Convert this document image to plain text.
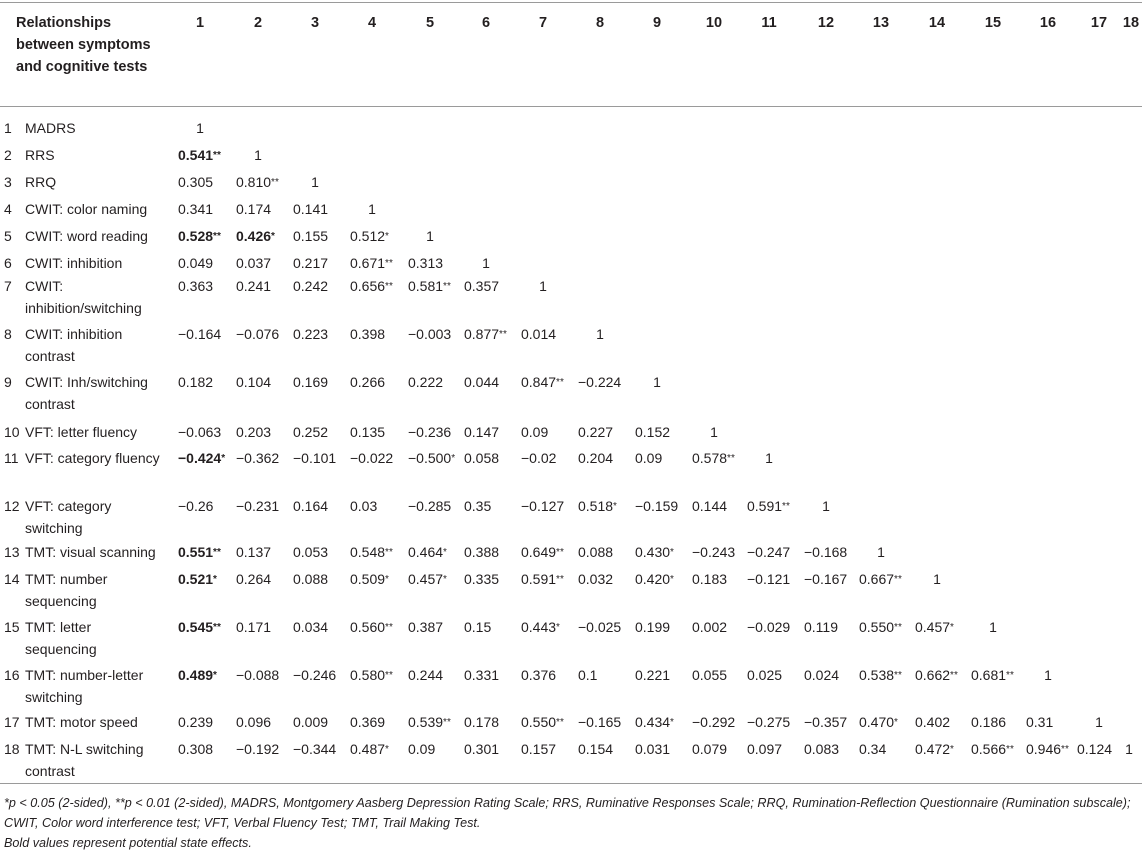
Relationships between symptoms and cognitive tests
1	2	3	4	5	6	7	8	9	10	11	12	13	14	15	16 17 18
1 MADRS	1
2 RRS	0.541** 1
3 RRQ	0.305 0.810** 1
4 CWIT: color naming	0.341 0.174 0.141	1
5 CWIT: word reading	0.528** 0.426* 0.155 0.512*	1
6 CWIT: inhibition	0.049 0.037 0.217 0.671** 0.313	1
7 CWIT: inhibition/switching
0.363 0.241 0.242 0.656** 0.581** 0.357	1
8 CWIT: inhibition contrast
−0.164 −0.076 0.223 0.398 −0.003 0.877** 0.014	1
9 CWIT: Inh/switching contrast
0.182 0.104 0.169 0.266 0.222 0.044 0.847** −0.224 1
10 VFT: letter fluency	−0.063 0.203 0.252 0.135 −0.236 0.147 0.09 0.227 0.152	1
11 VFT: category fluency	−0.424* −0.362 −0.101 −0.022 −0.500* 0.058 −0.02 0.204 0.09 0.578** 1
12 VFT: category switching
−0.26 −0.231 0.164 0.03 −0.285 0.35 −0.127 0.518* −0.159 0.144 0.591** 1
13 TMT: visual scanning	0.551** 0.137 0.053 0.548** 0.464* 0.388 0.649** 0.088 0.430* −0.243 −0.247 −0.168 1
14 TMT: number sequencing
0.521* 0.264 0.088 0.509* 0.457* 0.335 0.591** 0.032 0.420* 0.183 −0.121 −0.167 0.667** 1
15 TMT: letter sequencing
0.545** 0.171 0.034 0.560** 0.387 0.15 0.443* −0.025 0.199 0.002 −0.029 0.119 0.550** 0.457*	1
16 TMT: number-letter switching
0.489* −0.088 −0.246 0.580** 0.244 0.331 0.376 0.1	0.221 0.055 0.025 0.024 0.538** 0.662** 0.681** 1
17 TMT: motor speed	0.239 0.096 0.009 0.369 0.539** 0.178 0.550** −0.165 0.434* −0.292 −0.275 −0.357 0.470* 0.402 0.186 0.31	1
18 TMT: N-L switching contrast
0.308 −0.192 −0.344 0.487* 0.09 0.301 0.157 0.154 0.031 0.079 0.097 0.083 0.34 0.472* 0.566** 0.946** 0.124 1
*p < 0.05 (2-sided), **p < 0.01 (2-sided), MADRS, Montgomery Aasberg Depression Rating Scale; RRS, Ruminative Responses Scale; RRQ, Rumination-Reflection Questionnaire (Rumination subscale); CWIT, Color word interference test; VFT, Verbal Fluency Test; TMT, Trail Making Test.
Bold values represent potential state effects.
